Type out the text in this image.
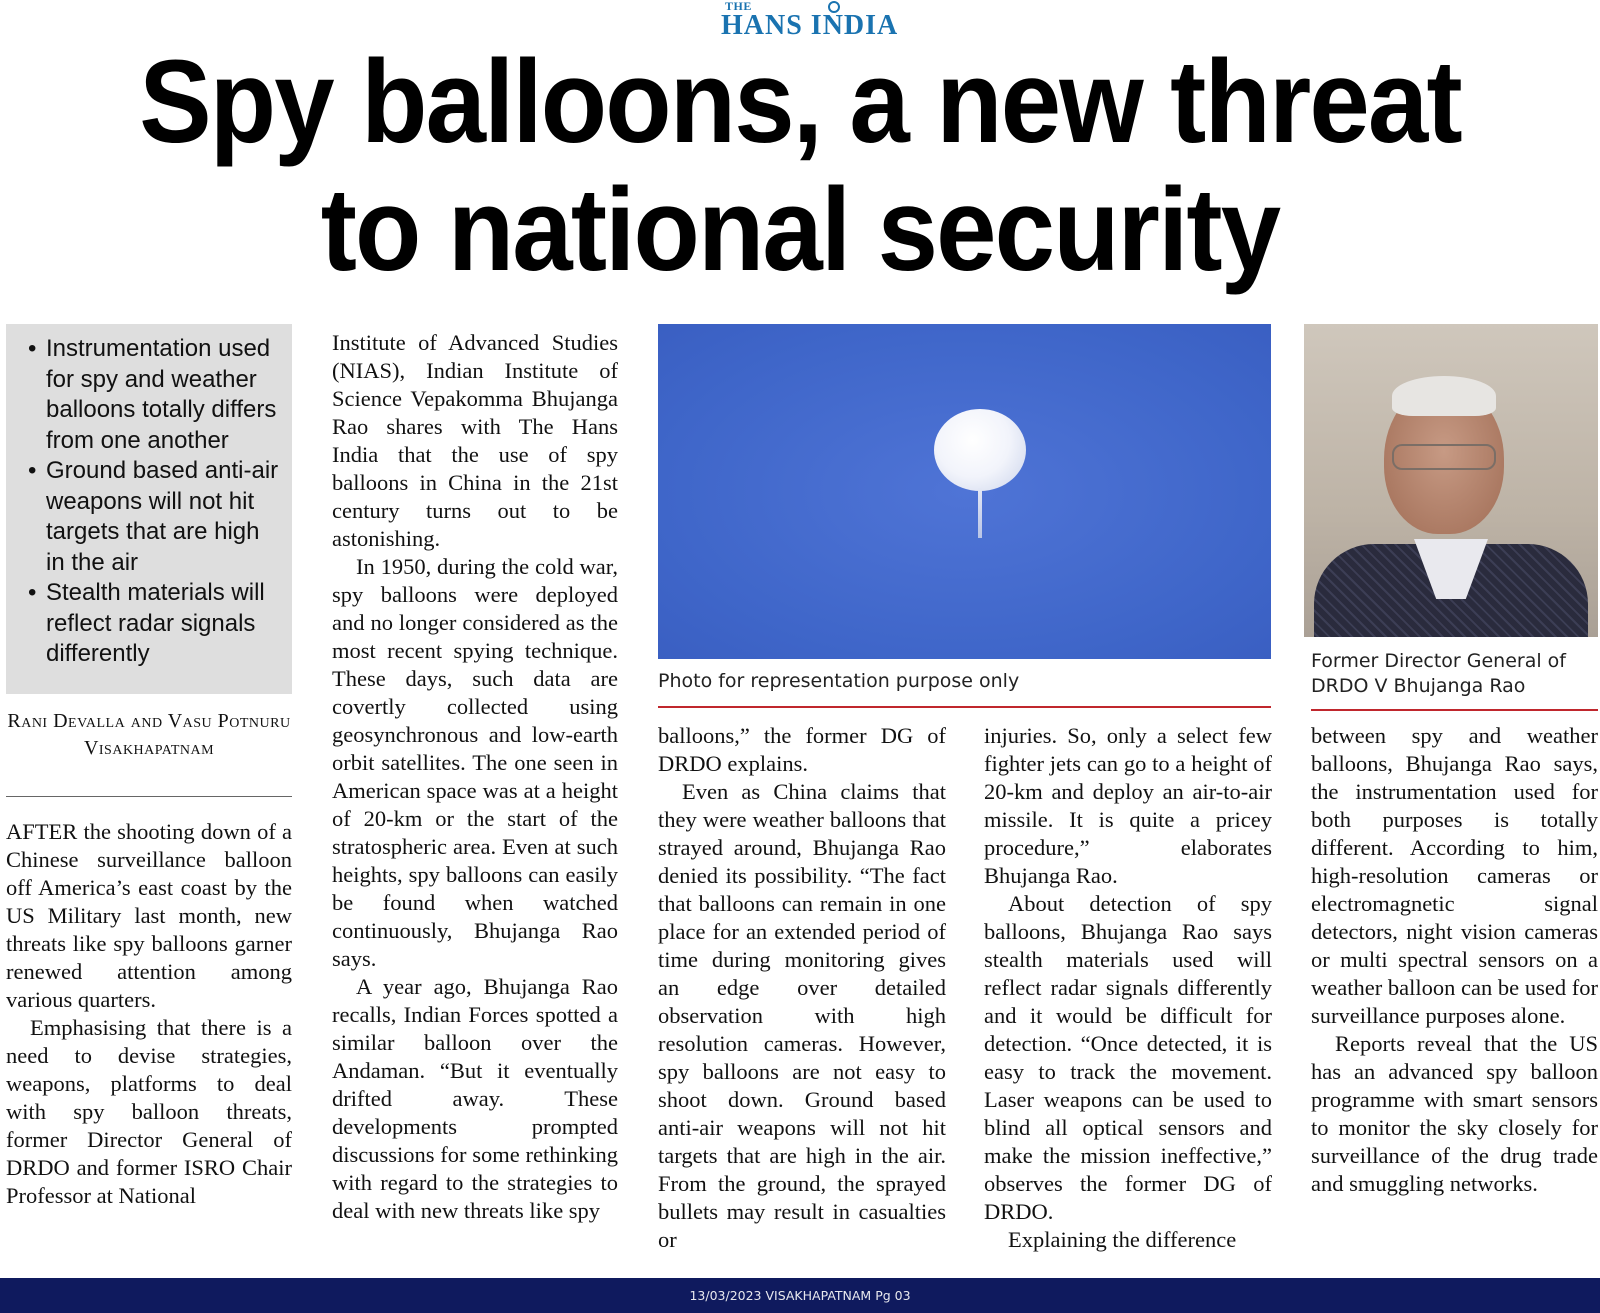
THE
HANS INDIA
Spy balloons, a new threat
to national security
• Instrumentation used for spy and weather balloons totally differs from one another
• Ground based anti-air weapons will not hit targets that are high in the air
• Stealth materials will reflect radar signals differently
Rani Devalla and Vasu Potnuru
Visakhapatnam

AFTER the shooting down of a Chinese surveillance balloon off America’s east coast by the US Military last month, new threats like spy balloons garner renewed attention among various quarters.

Emphasising that there is a need to devise strategies, weapons, platforms to deal with spy balloon threats, former Director General of DRDO and former ISRO Chair Professor at National

Institute of Advanced Studies (NIAS), Indian Institute of Science Vepakomma Bhujanga Rao shares with The Hans India that the use of spy balloons in China in the 21st century turns out to be astonishing.

In 1950, during the cold war, spy balloons were deployed and no longer considered as the most recent spying technique. These days, such data are covertly collected using geosynchronous and low-earth orbit satellites. The one seen in American space was at a height of 20-km or the start of the stratospheric area. Even at such heights, spy balloons can easily be found when watched continuously, Bhujanga Rao says.

A year ago, Bhujanga Rao recalls, Indian Forces spotted a similar balloon over the Andaman. “But it eventually drifted away. These developments prompted discussions for some rethinking with regard to the strategies to deal with new threats like spy

Photo for representation purpose only
Former Director General of DRDO V Bhujanga Rao

balloons,” the former DG of DRDO explains.

Even as China claims that they were weather balloons that strayed around, Bhujanga Rao denied its possibility. “The fact that balloons can remain in one place for an extended period of time during monitoring gives an edge over detailed observation with high resolution cameras. However, spy balloons are not easy to shoot down. Ground based anti-air weapons will not hit targets that are high in the air. From the ground, the sprayed bullets may result in casualties or

injuries. So, only a select few fighter jets can go to a height of 20-km and deploy an air-to-air missile. It is quite a pricey procedure,” elaborates Bhujanga Rao.

About detection of spy balloons, Bhujanga Rao says stealth materials used will reflect radar signals differently and it would be difficult for detection. “Once detected, it is easy to track the movement. Laser weapons can be used to blind all optical sensors and make the mission ineffective,” observes the former DG of DRDO.

Explaining the difference

between spy and weather balloons, Bhujanga Rao says, the instrumentation used for both purposes is totally different. According to him, high-resolution cameras or electromagnetic signal detectors, night vision cameras or multi spectral sensors on a weather balloon can be used for surveillance purposes alone.

Reports reveal that the US has an advanced spy balloon programme with smart sensors to monitor the sky closely for surveillance of the drug trade and smuggling networks.

13/03/2023 VISAKHAPATNAM Pg 03
